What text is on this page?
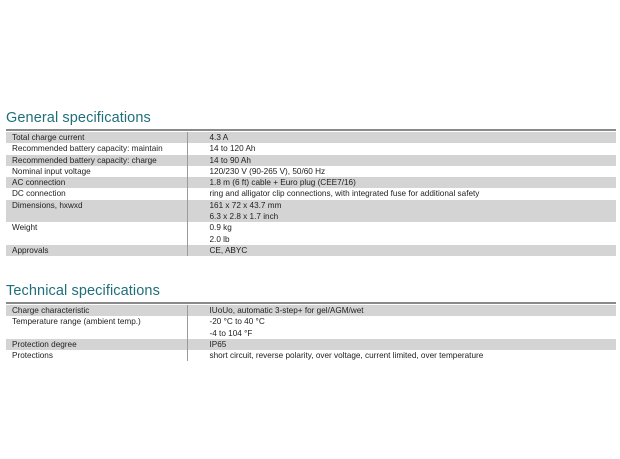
General specifications

Total charge current	4.3 A

Recommended battery capacity: maintain	14 to 120 Ah

Recommended battery capacity: charge	14 to 90 Ah

Nominal input voltage	120/230 V (90-265 V), 50/60 Hz

AC connection	1.8 m (6 ft) cable + Euro plug (CEE7/16)

DC connection	ring and alligator clip connections, with integrated fuse for additional safety

Dimensions, hxwxd	161 x 72 x 43.7 mm
6.3 x 2.8 x 1.7 inch

Weight	0.9 kg
2.0 lb

Approvals	CE, ABYC
Technical specifications

Charge characteristic	IUoUo, automatic 3-step+ for gel/AGM/wet

Temperature range (ambient temp.)	-20 °C to 40 °C
-4 to 104 °F

Protection degree	IP65

Protections	short circuit, reverse polarity, over voltage, current limited, over temperature
